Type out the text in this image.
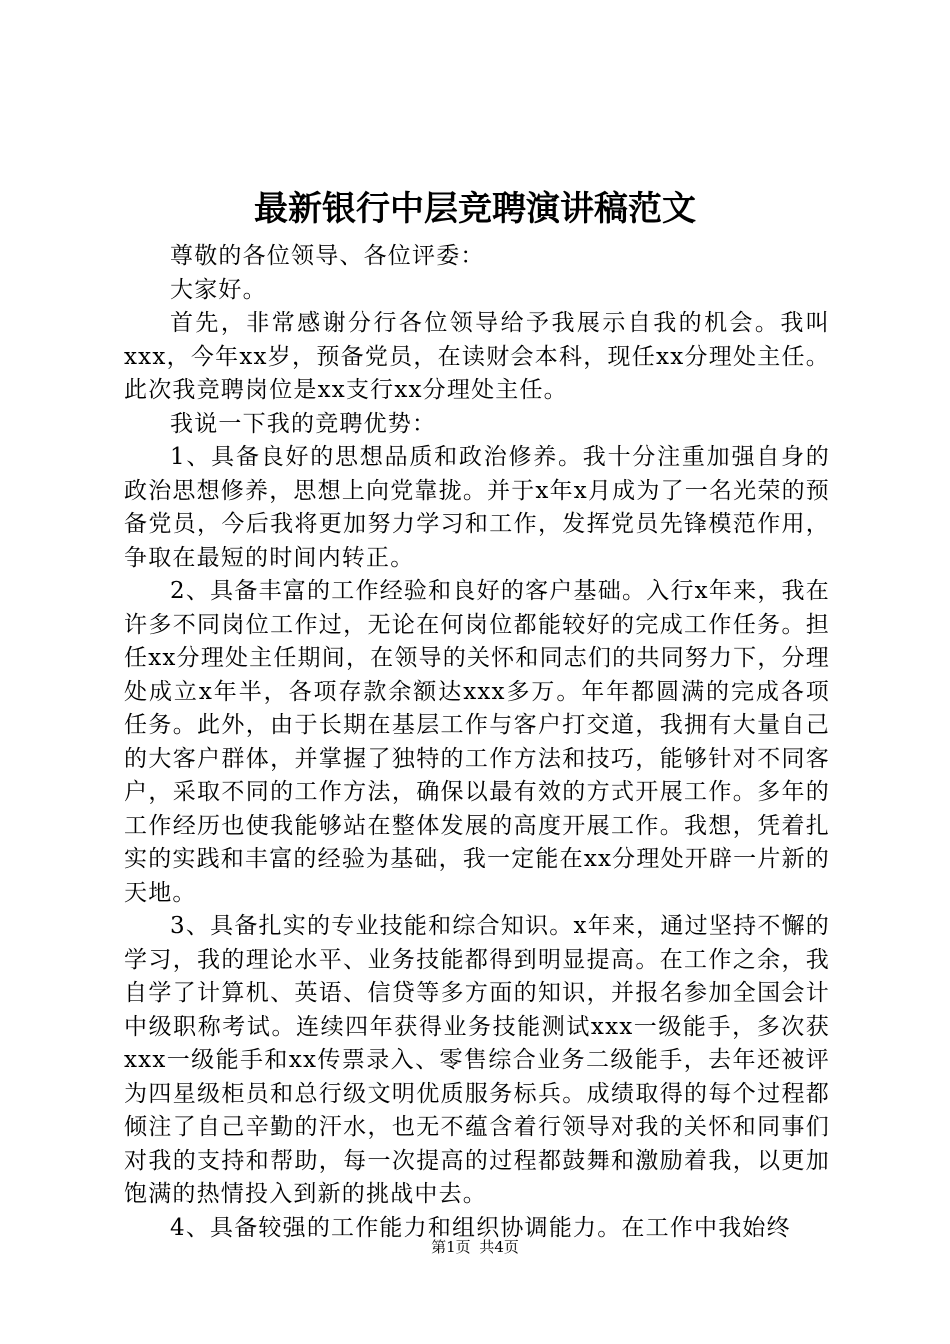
最新银行中层竞聘演讲稿范文

尊敬的各位领导、各位评委：

大家好。

首先，非常感谢分行各位领导给予我展示自我的机会。我叫xxx，今年xx岁，预备党员，在读财会本科，现任xx分理处主任。此次我竞聘岗位是xx支行xx分理处主任。

我说一下我的竞聘优势：

1、具备良好的思想品质和政治修养。我十分注重加强自身的政治思想修养，思想上向党靠拢。并于x年x月成为了一名光荣的预备党员，今后我将更加努力学习和工作，发挥党员先锋模范作用，争取在最短的时间内转正。

2、具备丰富的工作经验和良好的客户基础。入行x年来，我在许多不同岗位工作过，无论在何岗位都能较好的完成工作任务。担任xx分理处主任期间，在领导的关怀和同志们的共同努力下，分理处成立x年半，各项存款余额达xxx多万。年年都圆满的完成各项任务。此外，由于长期在基层工作与客户打交道，我拥有大量自己的大客户群体，并掌握了独特的工作方法和技巧，能够针对不同客户，采取不同的工作方法，确保以最有效的方式开展工作。多年的工作经历也使我能够站在整体发展的高度开展工作。我想，凭着扎实的实践和丰富的经验为基础，我一定能在xx分理处开辟一片新的天地。

3、具备扎实的专业技能和综合知识。x年来，通过坚持不懈的学习，我的理论水平、业务技能都得到明显提高。在工作之余，我自学了计算机、英语、信贷等多方面的知识，并报名参加全国会计中级职称考试。连续四年获得业务技能测试xxx一级能手，多次获xxx一级能手和xx传票录入、零售综合业务二级能手，去年还被评为四星级柜员和总行级文明优质服务标兵。成绩取得的每个过程都倾注了自己辛勤的汗水，也无不蕴含着行领导对我的关怀和同事们对我的支持和帮助，每一次提高的过程都鼓舞和激励着我，以更加饱满的热情投入到新的挑战中去。

4、具备较强的工作能力和组织协调能力。在工作中我始终

第1页 共4页
